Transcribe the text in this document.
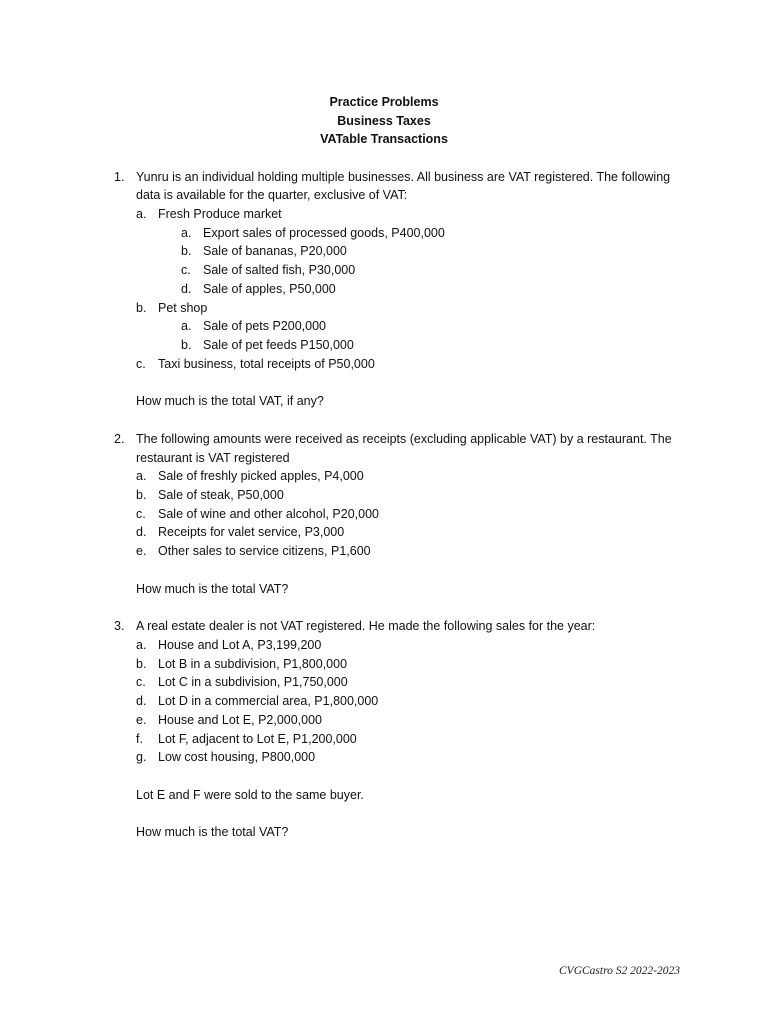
Practice Problems
Business Taxes
VATable Transactions
1. Yunru is an individual holding multiple businesses. All business are VAT registered. The following
data is available for the quarter, exclusive of VAT:
a. Fresh Produce market
a. Export sales of processed goods, P400,000
b. Sale of bananas, P20,000
c. Sale of salted fish, P30,000
d. Sale of apples, P50,000
b. Pet shop
a. Sale of pets P200,000
b. Sale of pet feeds P150,000
c. Taxi business, total receipts of P50,000
How much is the total VAT, if any?
2. The following amounts were received as receipts (excluding applicable VAT) by a restaurant. The
restaurant is VAT registered
a. Sale of freshly picked apples, P4,000
b. Sale of steak, P50,000
c. Sale of wine and other alcohol, P20,000
d. Receipts for valet service, P3,000
e. Other sales to service citizens, P1,600
How much is the total VAT?
3. A real estate dealer is not VAT registered. He made the following sales for the year:
a. House and Lot A, P3,199,200
b. Lot B in a subdivision, P1,800,000
c. Lot C in a subdivision, P1,750,000
d. Lot D in a commercial area, P1,800,000
e. House and Lot E, P2,000,000
f. Lot F, adjacent to Lot E, P1,200,000
g. Low cost housing, P800,000
Lot E and F were sold to the same buyer.
How much is the total VAT?
CVGCastro S2 2022-2023
